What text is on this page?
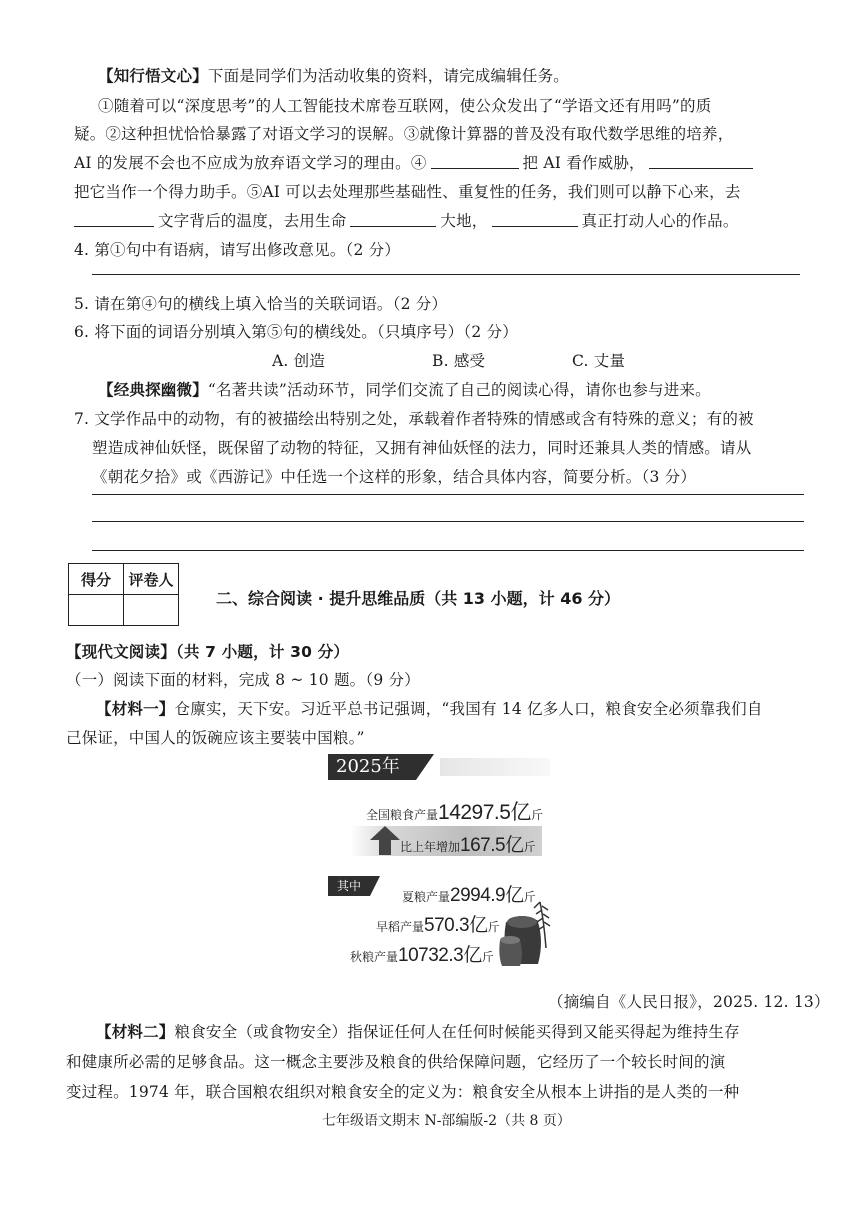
【知行悟文心】下面是同学们为活动收集的资料，请完成编辑任务。
①随着可以“深度思考”的人工智能技术席卷互联网，使公众发出了“学语文还有用吗”的质
疑。②这种担忧恰恰暴露了对语文学习的误解。③就像计算器的普及没有取代数学思维的培养，
AI 的发展不会也不应成为放弃语文学习的理由。④	把 AI 看作威胁，
把它当作一个得力助手。⑤AI 可以去处理那些基础性、重复性的任务，我们则可以静下心来，去
文字背后的温度，去用生命	大地，	真正打动人心的作品。
4. 第①句中有语病，请写出修改意见。（2 分）
5. 请在第④句的横线上填入恰当的关联词语。（2 分）
6. 将下面的词语分别填入第⑤句的横线处。（只填序号）（2 分）
A. 创造	B. 感受	C. 丈量
【经典探幽微】“名著共读”活动环节，同学们交流了自己的阅读心得，请你也参与进来。
7. 文学作品中的动物，有的被描绘出特别之处，承载着作者特殊的情感或含有特殊的意义；有的被
塑造成神仙妖怪，既保留了动物的特征，又拥有神仙妖怪的法力，同时还兼具人类的情感。请从
《朝花夕拾》或《西游记》中任选一个这样的形象，结合具体内容，简要分析。（3 分）
得分	评卷人

二、综合阅读 · 提升思维品质（共 13 小题，计 46 分）
【现代文阅读】（共 7 小题，计 30 分）
（一）阅读下面的材料，完成 8 ~ 10 题。（9 分）
【材料一】仓廪实，天下安。习近平总书记强调，“我国有 14 亿多人口，粮食安全必须靠我们自
己保证，中国人的饭碗应该主要装中国粮。”
2025年
全国粮食产量14297.5亿斤
比上年增加167.5亿斤
其中
夏粮产量2994.9亿斤
早稻产量570.3亿斤
秋粮产量10732.3亿斤
（摘编自《人民日报》，2025. 12. 13）
【材料二】粮食安全（或食物安全）指保证任何人在任何时候能买得到又能买得起为维持生存
和健康所必需的足够食品。这一概念主要涉及粮食的供给保障问题，它经历了一个较长时间的演
变过程。1974 年，联合国粮农组织对粮食安全的定义为：粮食安全从根本上讲指的是人类的一种
七年级语文期末 N-部编版-2（共 8 页）
